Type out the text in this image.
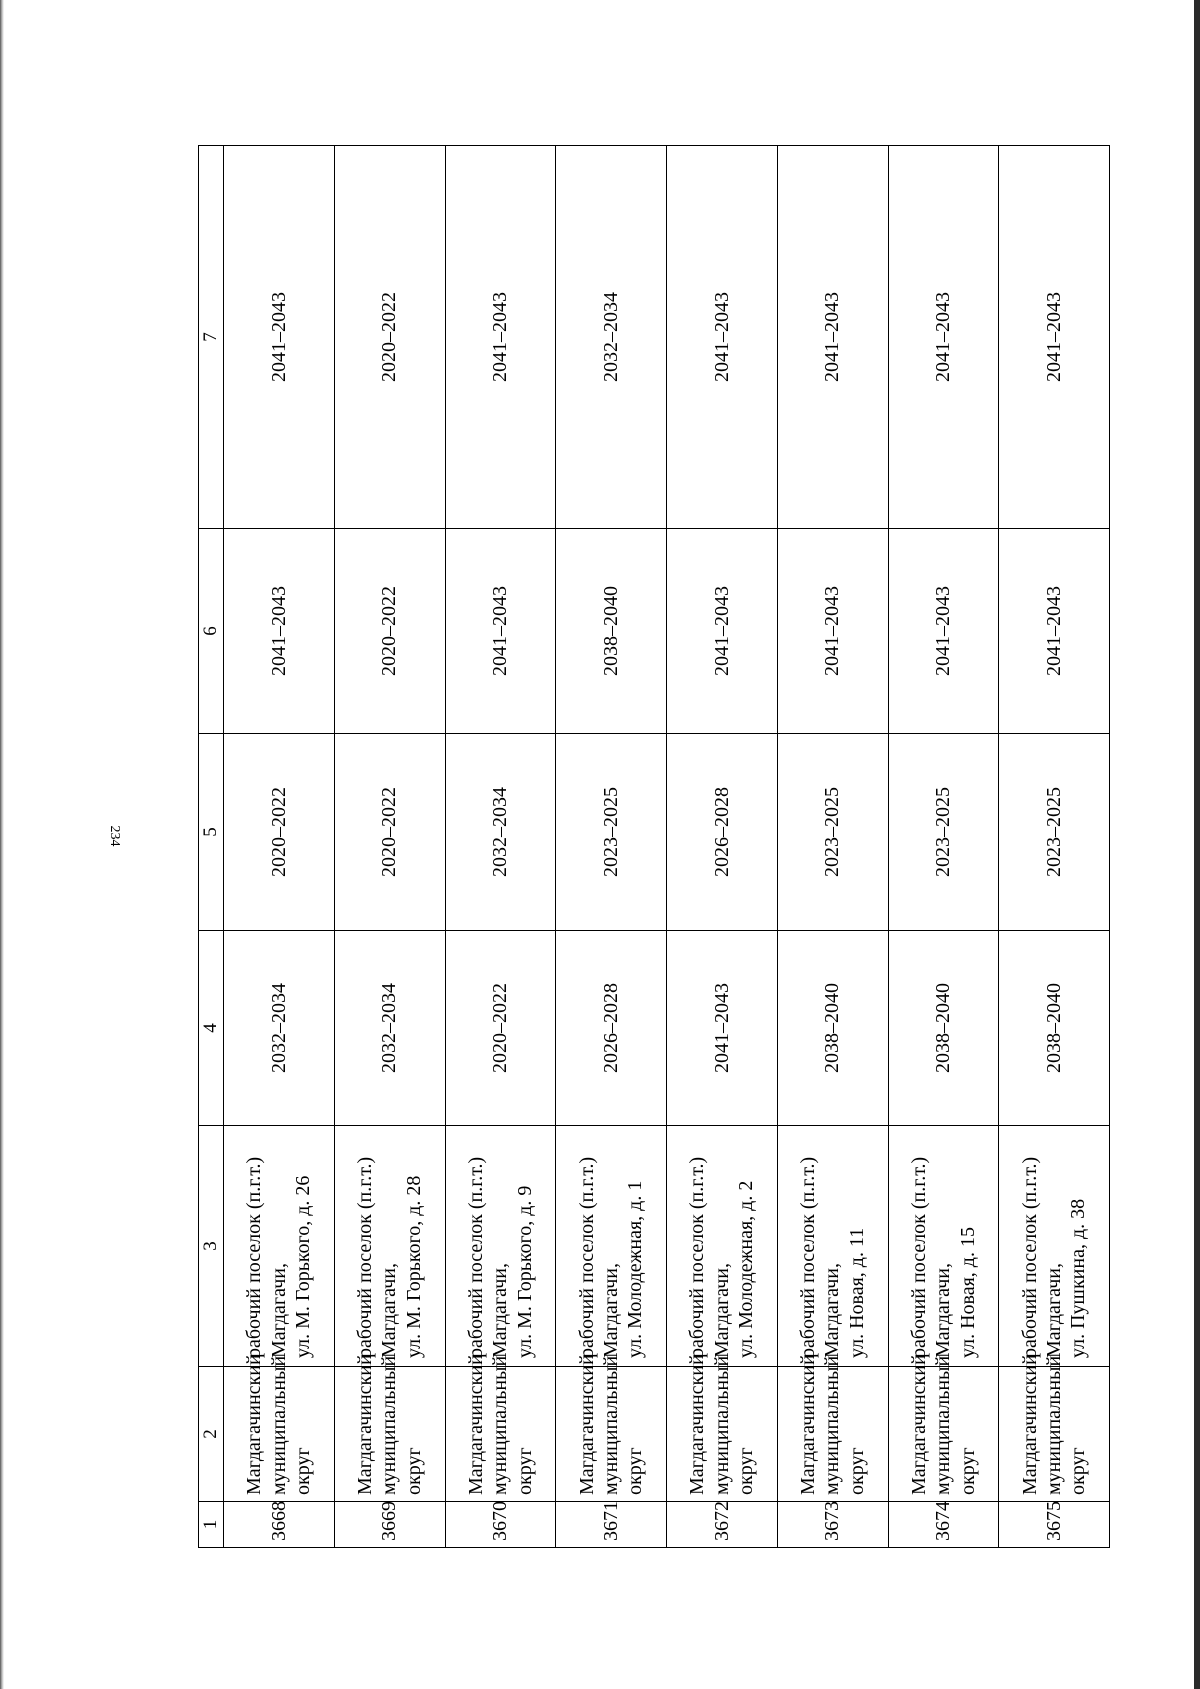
234
1	2	3	4	5	6	7
3668	Магдагачинский муниципальный округ	рабочий поселок (п.г.т.) Магдагачи, ул. М. Горького, д. 26	2032–2034	2020–2022	2041–2043	2041–2043
3669	Магдагачинский муниципальный округ	рабочий поселок (п.г.т.) Магдагачи, ул. М. Горького, д. 28	2032–2034	2020–2022	2020–2022	2020–2022
3670	Магдагачинский муниципальный округ	рабочий поселок (п.г.т.) Магдагачи, ул. М. Горького, д. 9	2020–2022	2032–2034	2041–2043	2041–2043
3671	Магдагачинский муниципальный округ	рабочий поселок (п.г.т.) Магдагачи, ул. Молодежная, д. 1	2026–2028	2023–2025	2038–2040	2032–2034
3672	Магдагачинский муниципальный округ	рабочий поселок (п.г.т.) Магдагачи, ул. Молодежная, д. 2	2041–2043	2026–2028	2041–2043	2041–2043
3673	Магдагачинский муниципальный округ	рабочий поселок (п.г.т.) Магдагачи, ул. Новая, д. 11	2038–2040	2023–2025	2041–2043	2041–2043
3674	Магдагачинский муниципальный округ	рабочий поселок (п.г.т.) Магдагачи, ул. Новая, д. 15	2038–2040	2023–2025	2041–2043	2041–2043
3675	Магдагачинский муниципальный округ	рабочий поселок (п.г.т.) Магдагачи, ул. Пушкина, д. 38	2038–2040	2023–2025	2041–2043	2041–2043
